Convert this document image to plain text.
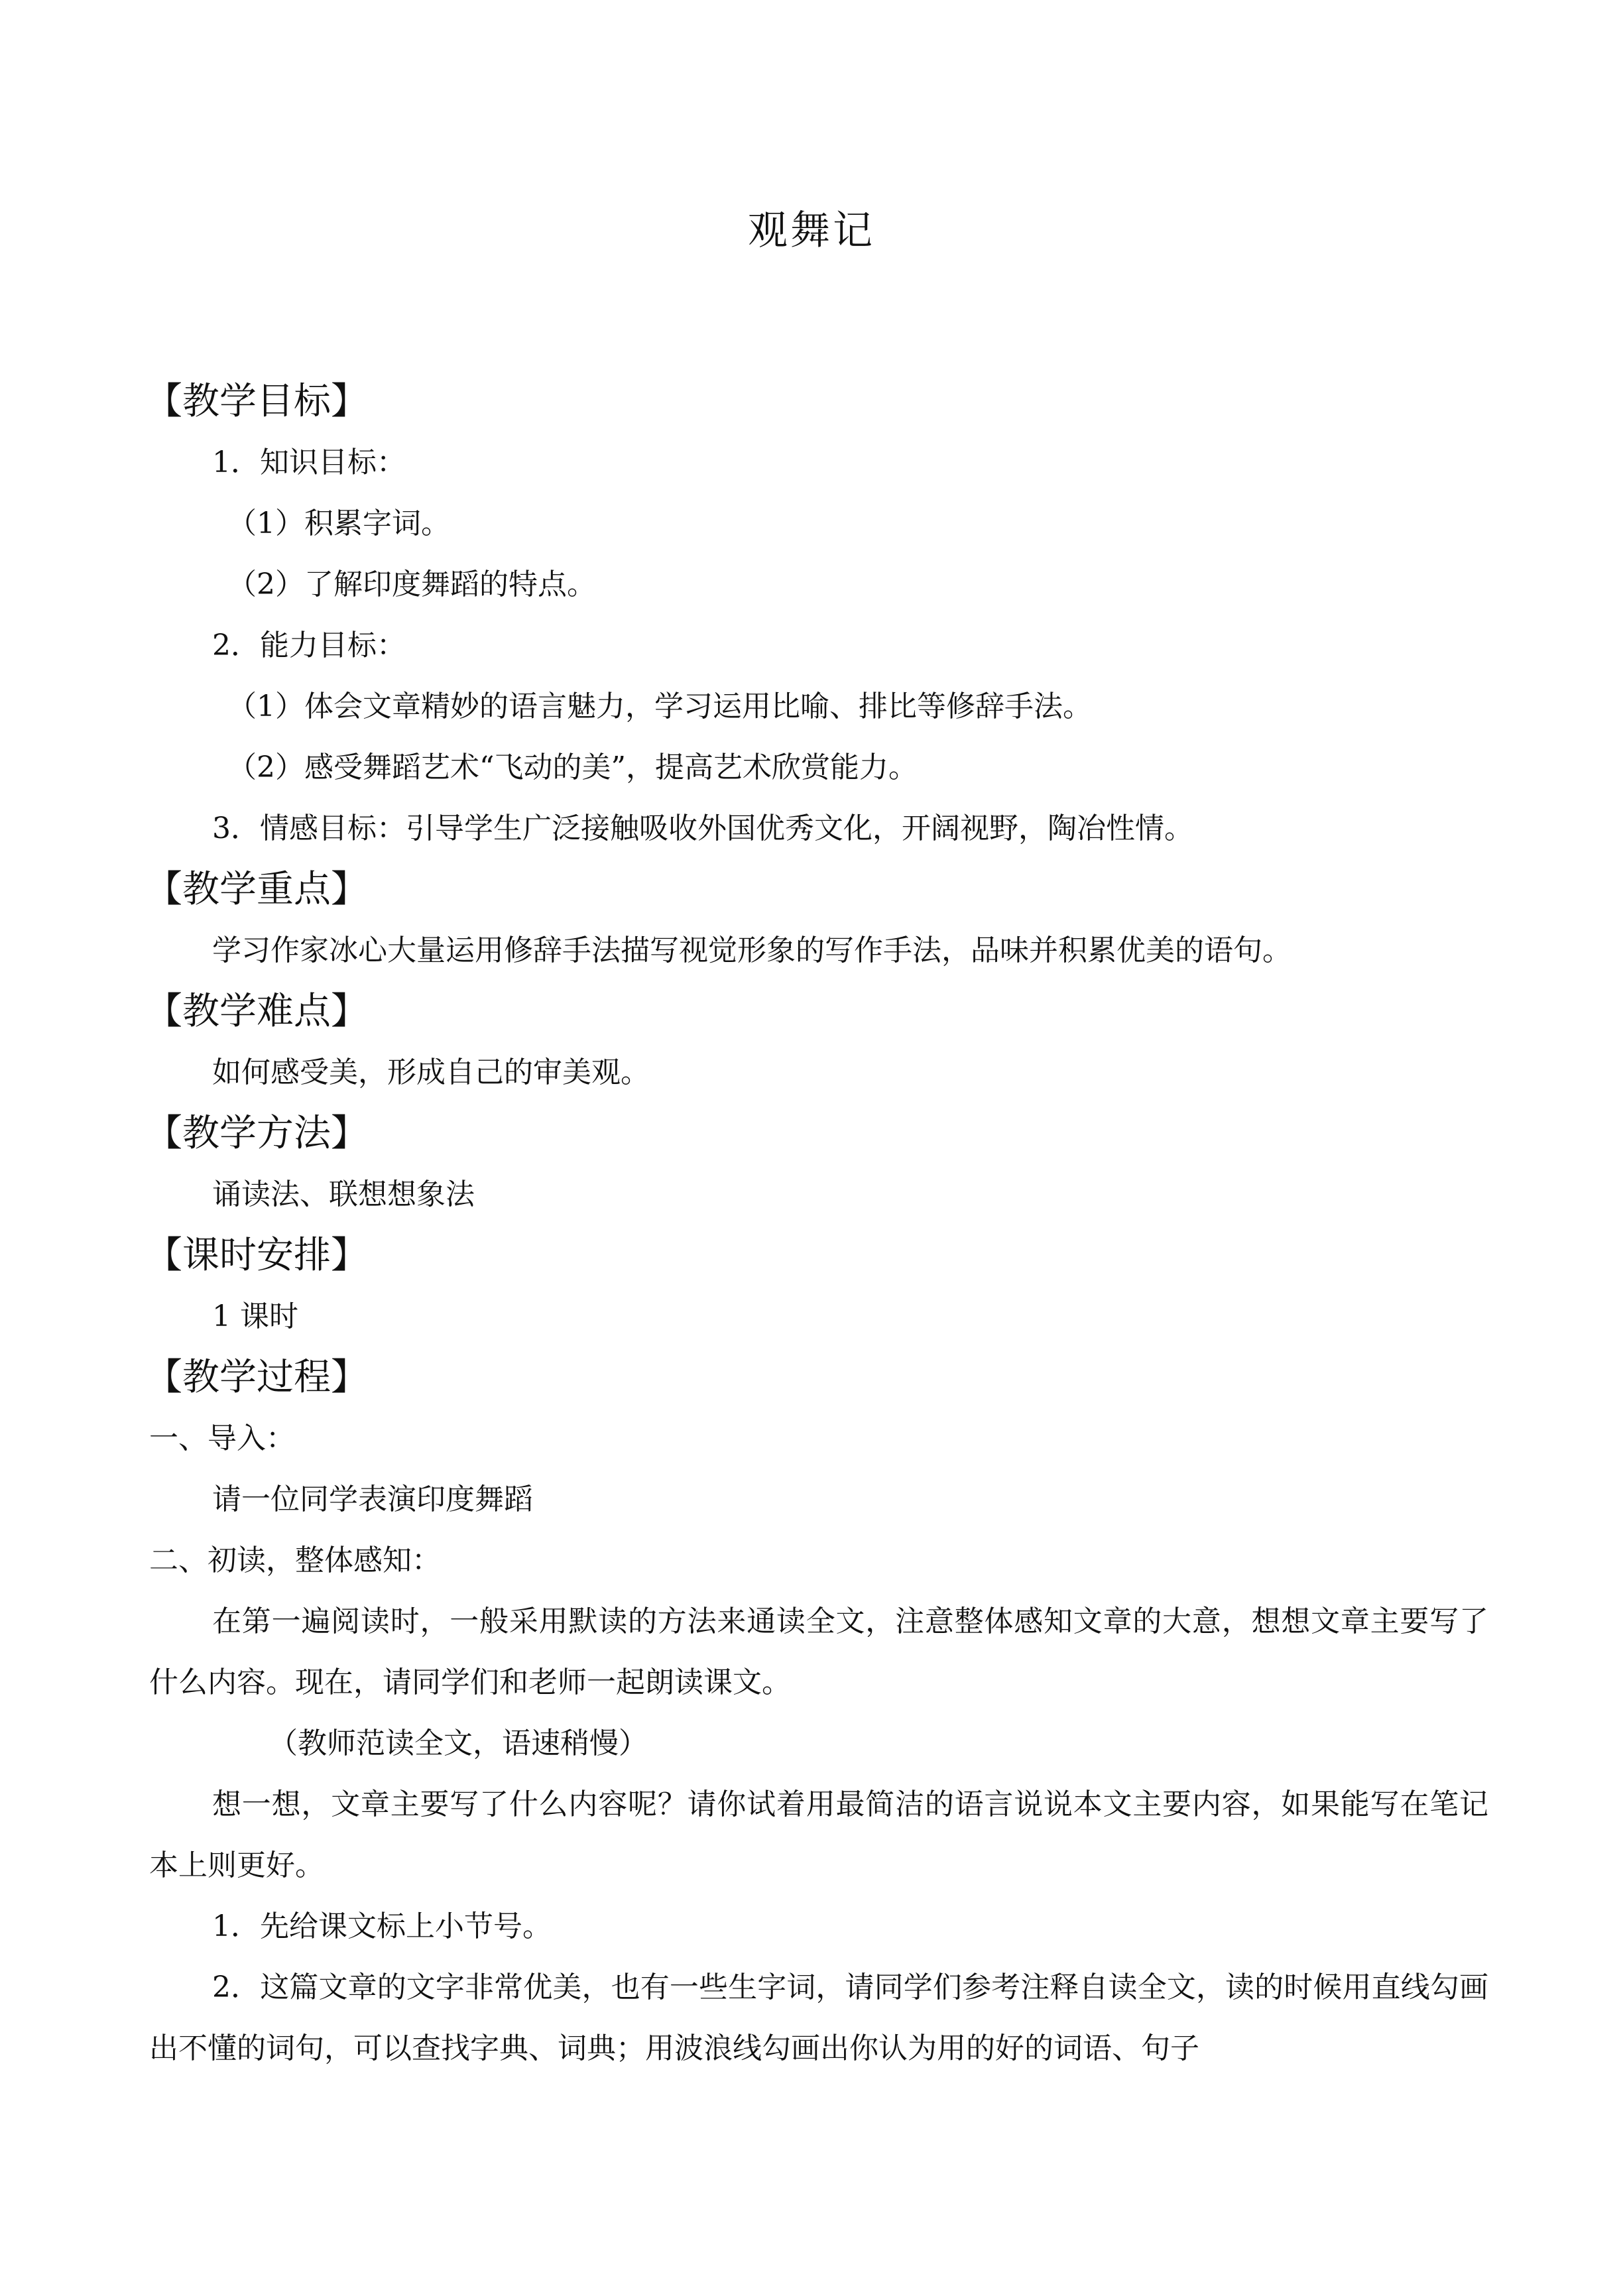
观舞记
【教学目标】
1．知识目标：
（1）积累字词。
（2）了解印度舞蹈的特点。
2．能力目标：
（1）体会文章精妙的语言魅力，学习运用比喻、排比等修辞手法。
（2）感受舞蹈艺术“飞动的美”，提高艺术欣赏能力。
3．情感目标：引导学生广泛接触吸收外国优秀文化，开阔视野，陶冶性情。
【教学重点】
学习作家冰心大量运用修辞手法描写视觉形象的写作手法，品味并积累优美的语句。
【教学难点】
如何感受美，形成自己的审美观。
【教学方法】
诵读法、联想想象法
【课时安排】
1 课时
【教学过程】
一、导入：
请一位同学表演印度舞蹈
二、初读，整体感知：
在第一遍阅读时，一般采用默读的方法来通读全文，注意整体感知文章的大意，想想文章主要写了什么内容。现在，请同学们和老师一起朗读课文。
（教师范读全文，语速稍慢）
想一想，文章主要写了什么内容呢？请你试着用最简洁的语言说说本文主要内容，如果能写在笔记本上则更好。
1．先给课文标上小节号。
2．这篇文章的文字非常优美，也有一些生字词，请同学们参考注释自读全文，读的时候用直线勾画出不懂的词句，可以查找字典、词典；用波浪线勾画出你认为用的好的词语、句子
